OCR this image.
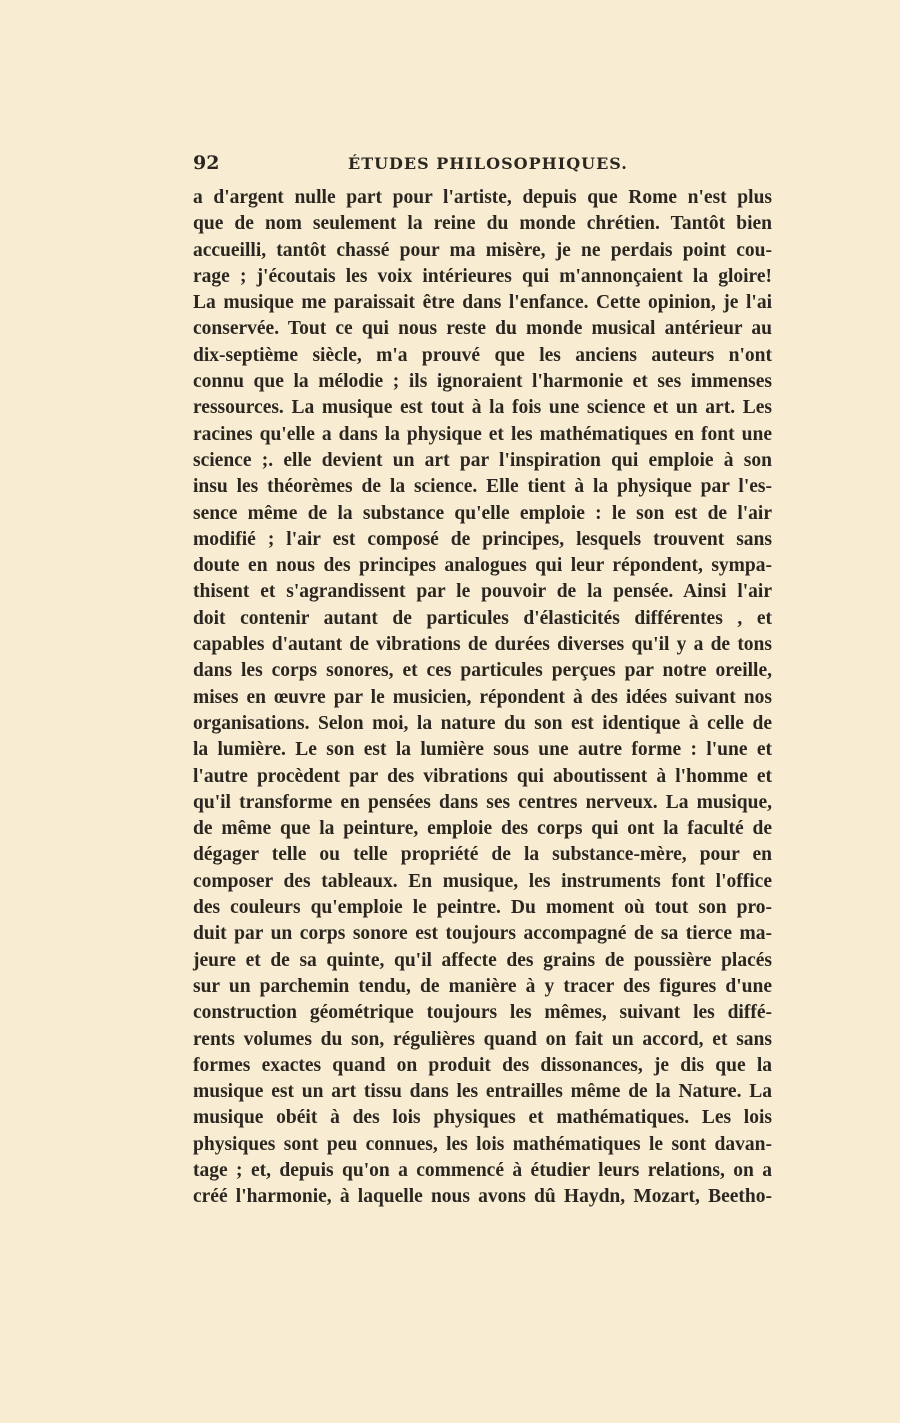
92	ÉTUDES PHILOSOPHIQUES.
a d'argent nulle part pour l'artiste, depuis que Rome n'est plus
que de nom seulement la reine du monde chrétien. Tantôt bien
accueilli, tantôt chassé pour ma misère, je ne perdais point cou-
rage ; j'écoutais les voix intérieures qui m'annonçaient la gloire!
La musique me paraissait être dans l'enfance. Cette opinion, je l'ai
conservée. Tout ce qui nous reste du monde musical antérieur au
dix-septième siècle, m'a prouvé que les anciens auteurs n'ont
connu que la mélodie ; ils ignoraient l'harmonie et ses immenses
ressources. La musique est tout à la fois une science et un art. Les
racines qu'elle a dans la physique et les mathématiques en font une
science ;. elle devient un art par l'inspiration qui emploie à son
insu les théorèmes de la science. Elle tient à la physique par l'es-
sence même de la substance qu'elle emploie : le son est de l'air
modifié ; l'air est composé de principes, lesquels trouvent sans
doute en nous des principes analogues qui leur répondent, sympa-
thisent et s'agrandissent par le pouvoir de la pensée. Ainsi l'air
doit contenir autant de particules d'élasticités différentes , et
capables d'autant de vibrations de durées diverses qu'il y a de tons
dans les corps sonores, et ces particules perçues par notre oreille,
mises en œuvre par le musicien, répondent à des idées suivant nos
organisations. Selon moi, la nature du son est identique à celle de
la lumière. Le son est la lumière sous une autre forme : l'une et
l'autre procèdent par des vibrations qui aboutissent à l'homme et
qu'il transforme en pensées dans ses centres nerveux. La musique,
de même que la peinture, emploie des corps qui ont la faculté de
dégager telle ou telle propriété de la substance-mère, pour en
composer des tableaux. En musique, les instruments font l'office
des couleurs qu'emploie le peintre. Du moment où tout son pro-
duit par un corps sonore est toujours accompagné de sa tierce ma-
jeure et de sa quinte, qu'il affecte des grains de poussière placés
sur un parchemin tendu, de manière à y tracer des figures d'une
construction géométrique toujours les mêmes, suivant les diffé-
rents volumes du son, régulières quand on fait un accord, et sans
formes exactes quand on produit des dissonances, je dis que la
musique est un art tissu dans les entrailles même de la Nature. La
musique obéit à des lois physiques et mathématiques. Les lois
physiques sont peu connues, les lois mathématiques le sont davan-
tage ; et, depuis qu'on a commencé à étudier leurs relations, on a
créé l'harmonie, à laquelle nous avons dû Haydn, Mozart, Beetho-
